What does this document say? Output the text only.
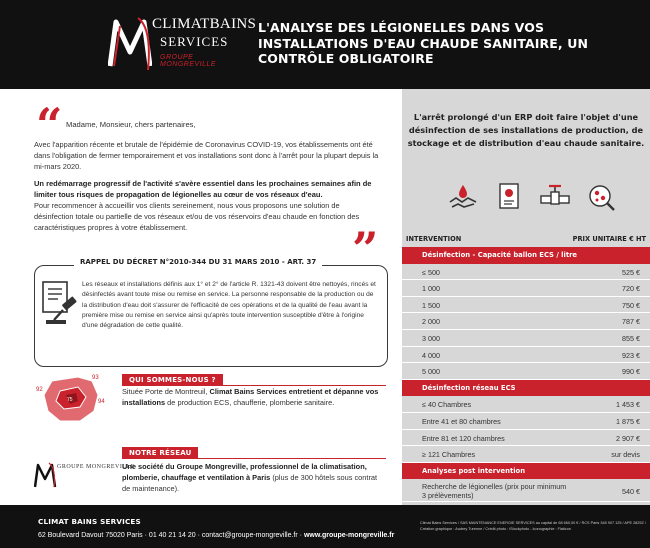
CLIMATBAINS
SERVICES
GROUPE MONGREVILLE
L'ANALYSE DES LÉGIONELLES DANS VOS INSTALLATIONS D'EAU CHAUDE SANITAIRE, UN CONTRÔLE OBLIGATOIRE
“ Madame, Monsieur, chers partenaires,
Avec l'apparition récente et brutale de l'épidémie de Coronavirus COVID-19, vos établissements ont été dans l'obligation de fermer temporairement et vos installations sont donc à l'arrêt pour la plupart depuis la mi-mars 2020.
Un redémarrage progressif de l'activité s'avère essentiel dans les prochaines semaines afin de limiter tous risques de propagation de légionelles au cœur de vos réseaux d'eau.
Pour recommencer à accueillir vos clients sereinement, nous vous proposons une solution de désinfection totale ou partielle de vos réseaux et/ou de vos réservoirs d'eau chaude en fonction des caractéristiques propres à votre établissement.	”
RAPPEL DU DÉCRET N°2010-344 DU 31 MARS 2010 - ART. 37
Les réseaux et installations définis aux 1° et 2° de l'article R. 1321-43 doivent être nettoyés, rincés et désinfectés avant toute mise ou remise en service. La personne responsable de la production ou de la distribution d'eau doit s'assurer de l'efficacité de ces opérations et de la qualité de l'eau avant la première mise ou remise en service ainsi qu'après toute intervention susceptible d'être à l'origine d'une dégradation de cette qualité.
92
93
94
75
QUI SOMMES-NOUS ?
Située Porte de Montreuil, Climat Bains Services entretient et dépanne vos installations de production ECS, chaufferie, plomberie sanitaire.
GROUPE MONGREVILLE
NOTRE RÉSEAU
Une société du Groupe Mongreville, professionnel de la climatisation, plomberie, chauffage et ventilation à Paris (plus de 300 hôtels sous contrat de maintenance).
L'arrêt prolongé d'un ERP doit faire l'objet d'une désinfection de ses installations de production, de stockage et de distribution d'eau chaude sanitaire.
INTERVENTION	PRIX UNITAIRE € HT
Désinfection - Capacité ballon ECS / litre
≤ 500	525 €
1 000	720 €
1 500	750 €
2 000	787 €
3 000	855 €
4 000	923 €
5 000	990 €
Désinfection réseau ECS
≤ 40 Chambres	1 453 €
Entre 41 et 80 chambres	1 875 €
Entre 81 et 120 chambres	2 907 €
≥ 121 Chambres	sur devis
Analyses post intervention
Recherche de légionelles (prix pour minimum 3 prélèvements)	540 €
CLIMAT BAINS SERVICES
62 Boulevard Davout 75020 Paris · 01 40 21 14 20 · contact@groupe-mongreville.fr · www.groupe-mongreville.fr
Climat Bains Services / SAS MAINTENANCE ENERGIE SERVICES au capital de 68 660,00 € / RCS Paris 345 907 125 / APE 2825Z / Création graphique : Audrey Turenne / Crédit photo : iStockphoto - Iconographie : Flaticon
